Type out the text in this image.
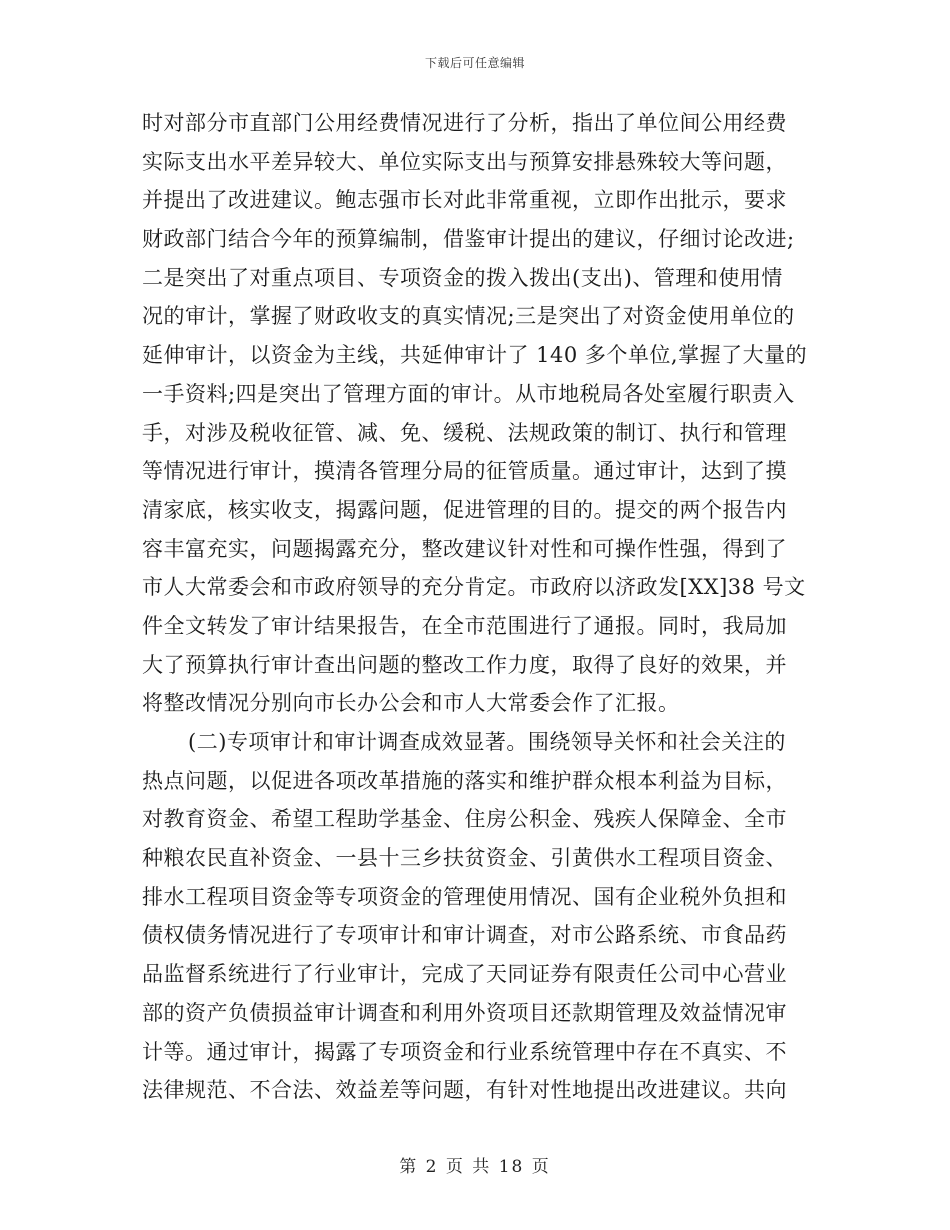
下载后可任意编辑
时对部分市直部门公用经费情况进行了分析，指出了单位间公用经费
实际支出水平差异较大、单位实际支出与预算安排悬殊较大等问题，
并提出了改进建议。鲍志强市长对此非常重视，立即作出批示，要求
财政部门结合今年的预算编制，借鉴审计提出的建议，仔细讨论改进;
二是突出了对重点项目、专项资金的拨入拨出(支出)、管理和使用情
况的审计，掌握了财政收支的真实情况;三是突出了对资金使用单位的
延伸审计，以资金为主线，共延伸审计了 140 多个单位,掌握了大量的
一手资料;四是突出了管理方面的审计。从市地税局各处室履行职责入
手，对涉及税收征管、减、免、缓税、法规政策的制订、执行和管理
等情况进行审计，摸清各管理分局的征管质量。通过审计，达到了摸
清家底，核实收支，揭露问题，促进管理的目的。提交的两个报告内
容丰富充实，问题揭露充分，整改建议针对性和可操作性强，得到了
市人大常委会和市政府领导的充分肯定。市政府以济政发[XX]38 号文
件全文转发了审计结果报告，在全市范围进行了通报。同时，我局加
大了预算执行审计查出问题的整改工作力度，取得了良好的效果，并
将整改情况分别向市长办公会和市人大常委会作了汇报。
(二)专项审计和审计调查成效显著。围绕领导关怀和社会关注的
热点问题，以促进各项改革措施的落实和维护群众根本利益为目标，
对教育资金、希望工程助学基金、住房公积金、残疾人保障金、全市
种粮农民直补资金、一县十三乡扶贫资金、引黄供水工程项目资金、
排水工程项目资金等专项资金的管理使用情况、国有企业税外负担和
债权债务情况进行了专项审计和审计调查，对市公路系统、市食品药
品监督系统进行了行业审计，完成了天同证券有限责任公司中心营业
部的资产负债损益审计调查和利用外资项目还款期管理及效益情况审
计等。通过审计，揭露了专项资金和行业系统管理中存在不真实、不
法律规范、不合法、效益差等问题，有针对性地提出改进建议。共向
第 2 页 共 18 页
